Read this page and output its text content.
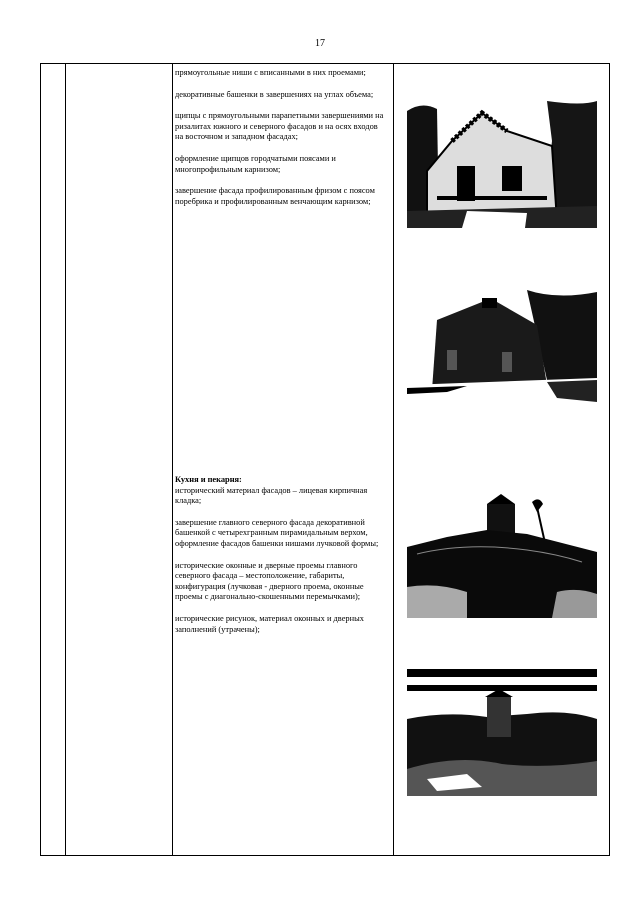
17

прямоугольные ниши с вписанными в них проемами;

декоративные башенки в завершениях на углах объема;

щипцы с прямоугольными парапетными завершениями на ризалитах южного и северного фасадов и на осях входов на восточном и западном фасадах;

оформление щипцов городчатыми поясами и многопрофильным карнизом;

завершение фасада профилированным фризом с поясом поребрика и профилированным венчающим карнизом;

Кухня и пекарня:

исторический материал фасадов – лицевая кирпичная кладка;

завершение главного северного фасада декоративной башенкой с четырехгранным пирамидальным верхом, оформление фасадов башенки нишами лучковой формы;

исторические оконные и дверные проемы главного северного фасада – местоположение, габариты, конфигурация (лучковая - дверного проема, оконные проемы с диагонально-скошенными перемычками);

исторические рисунок, материал оконных и дверных заполнений (утрачены);
